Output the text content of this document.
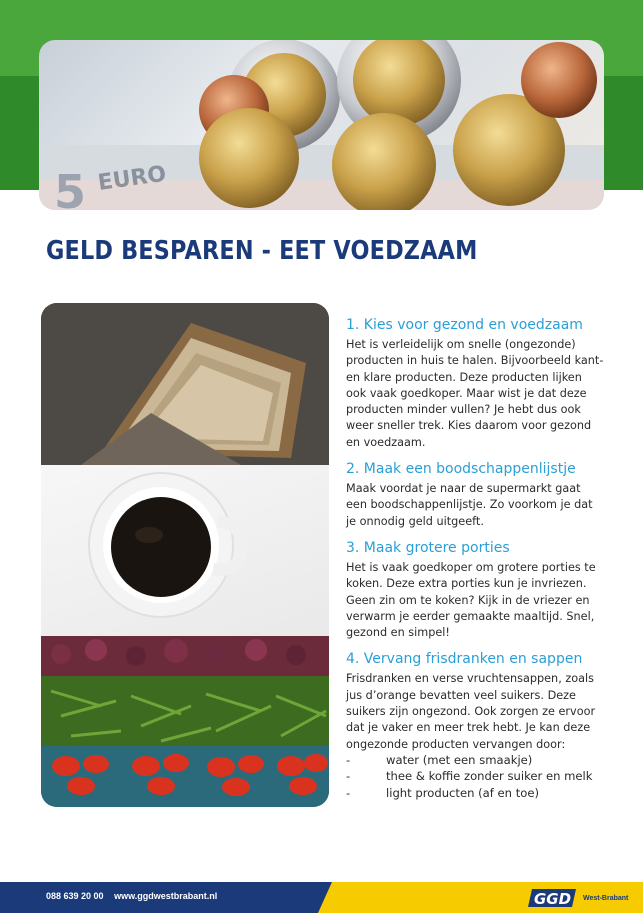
5 EURO
GELD BESPAREN - EET VOEDZAAM
1. Kies voor gezond en voedzaam

Het is verleidelijk om snelle (ongezonde) producten in huis te halen. Bijvoorbeeld kant- en klare producten. Deze producten lijken ook vaak goedkoper. Maar wist je dat deze producten minder vullen? Je hebt dus ook weer sneller trek. Kies daarom voor gezond en voedzaam.

2. Maak een boodschappenlijstje

Maak voordat je naar de supermarkt gaat een boodschappenlijstje. Zo voorkom je dat je onnodig geld uitgeeft.

3. Maak grotere porties

Het is vaak goedkoper om grotere porties te koken. Deze extra porties kun je invriezen. Geen zin om te koken? Kijk in de vriezer en verwarm je eerder gemaakte maaltijd. Snel, gezond en simpel!

4. Vervang frisdranken en sappen

Frisdranken en verse vruchtensappen, zoals jus d’orange bevatten veel suikers. Deze suikers zijn ongezond. Ook zorgen ze ervoor dat je vaker en meer trek hebt. Je kan deze ongezonde producten vervangen door:

-	water (met een smaakje)
-	thee & koffie zonder suiker en melk
-	light producten (af en toe)
088 639 20 00 www.ggdwestbrabant.nl	GGD West-Brabant
